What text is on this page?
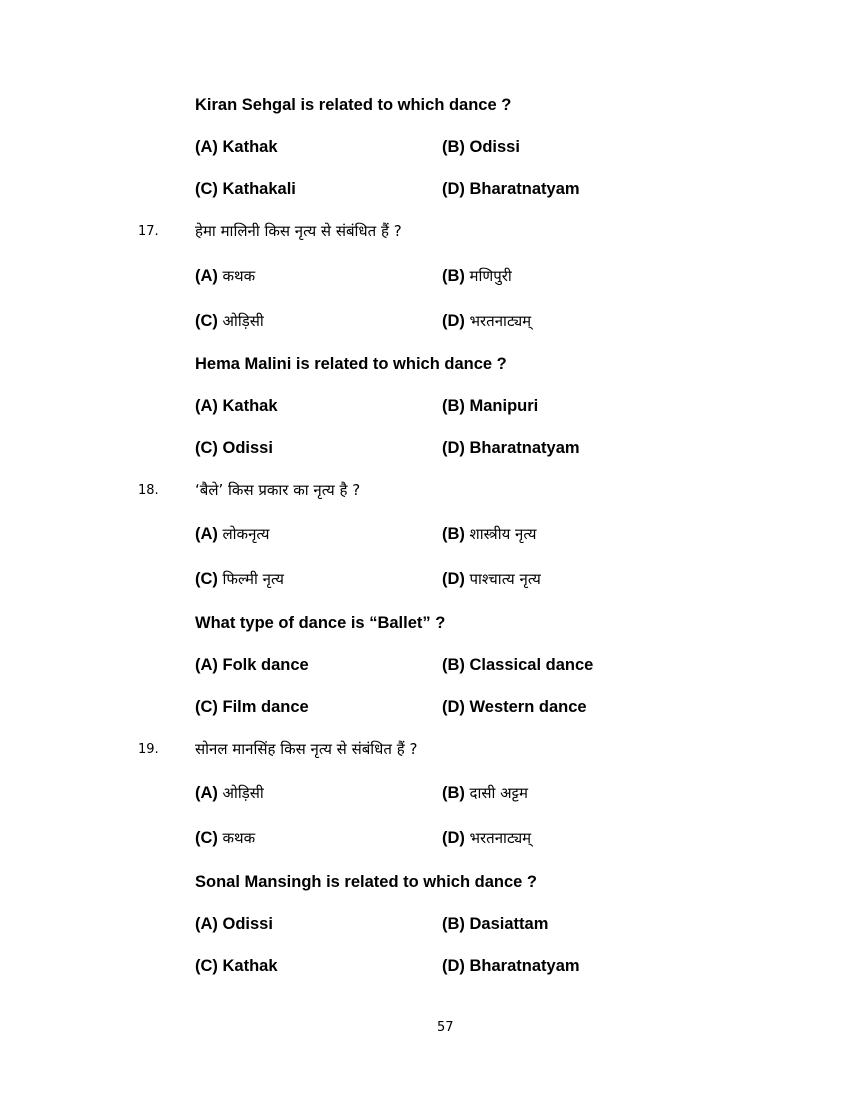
Kiran Sehgal is related to which dance ?
(A) Kathak	(B) Odissi
(C) Kathakali	(D) Bharatnatyam
17. हेमा मालिनी किस नृत्य से संबंधित हैं ?
(A) कथक	(B) मणिपुरी
(C) ओड़िसी	(D) भरतनाट्यम्
Hema Malini is related to which dance ?
(A) Kathak	(B) Manipuri
(C) Odissi	(D) Bharatnatyam
18. ‘बैले’ किस प्रकार का नृत्य है ?
(A) लोकनृत्य	(B) शास्त्रीय नृत्य
(C) फिल्मी नृत्य	(D) पाश्चात्य नृत्य
What type of dance is “Ballet” ?
(A) Folk dance	(B) Classical dance
(C) Film dance	(D) Western dance
19. सोनल मानसिंह किस नृत्य से संबंधित हैं ?
(A) ओड़िसी	(B) दासी अट्टम
(C) कथक	(D) भरतनाट्यम्
Sonal Mansingh is related to which dance ?
(A) Odissi	(B) Dasiattam
(C) Kathak	(D) Bharatnatyam
57
